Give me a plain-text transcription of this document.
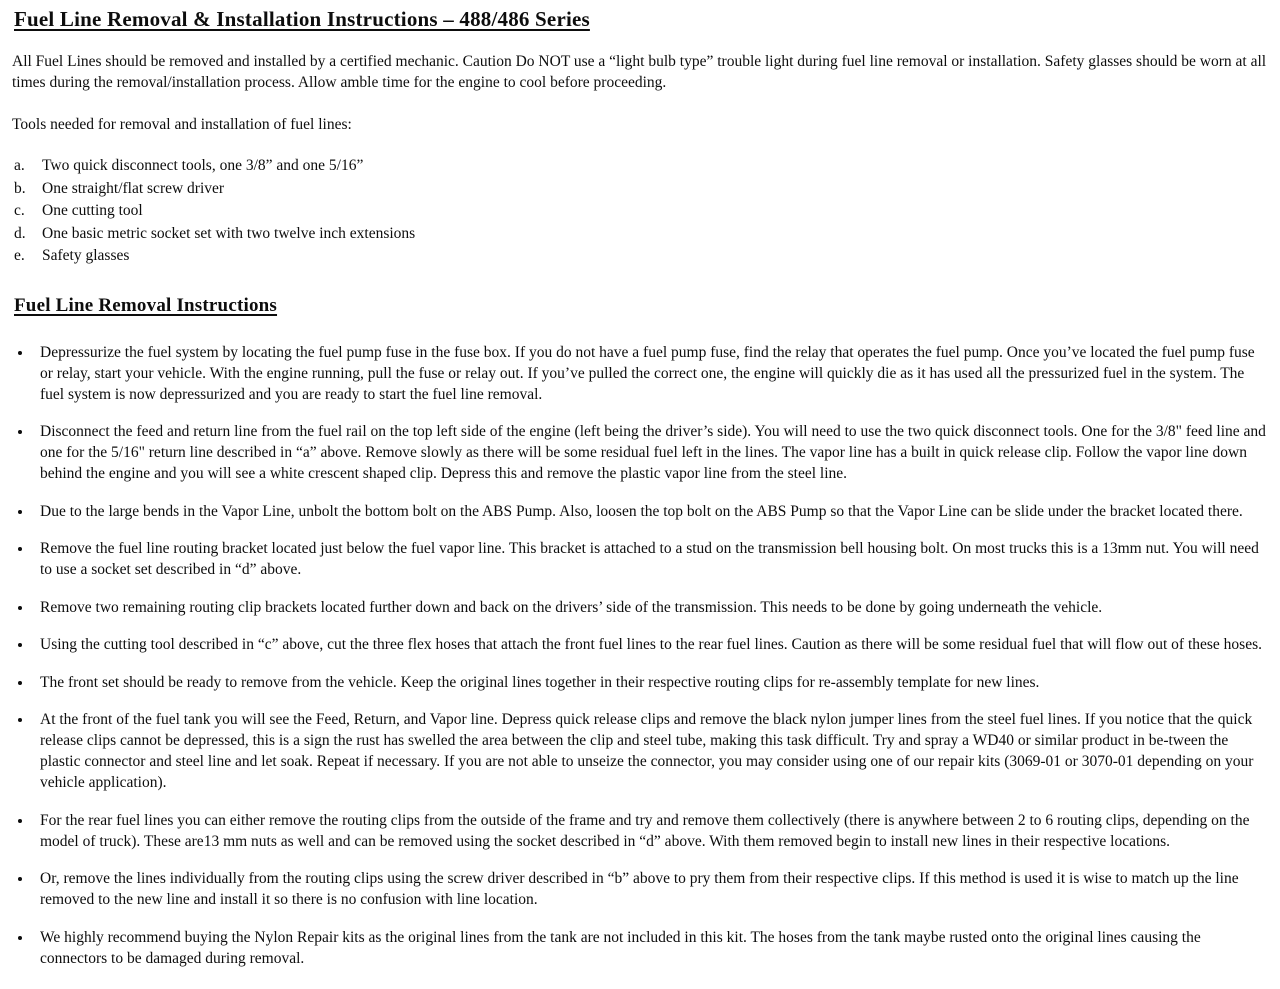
Fuel Line Removal & Installation Instructions – 488/486 Series

All Fuel Lines should be removed and installed by a certified mechanic. Caution Do NOT use a “light bulb type” trouble light during fuel line removal or installation. Safety glasses should be worn at all times during the removal/installation process. Allow amble time for the engine to cool before proceeding.

Tools needed for removal and installation of fuel lines:

a.	Two quick disconnect tools, one 3/8” and one 5/16”
b.	One straight/flat screw driver
c.	One cutting tool
d.	One basic metric socket set with two twelve inch extensions
e.	Safety glasses
Fuel Line Removal Instructions
• Depressurize the fuel system by locating the fuel pump fuse in the fuse box. If you do not have a fuel pump fuse, find the relay that operates the fuel pump. Once you’ve located the fuel pump fuse or relay, start your vehicle. With the engine running, pull the fuse or relay out. If you’ve pulled the correct one, the engine will quickly die as it has used all the pressurized fuel in the system. The fuel system is now depressurized and you are ready to start the fuel line removal.
• Disconnect the feed and return line from the fuel rail on the top left side of the engine (left being the driver’s side). You will need to use the two quick disconnect tools. One for the 3/8" feed line and one for the 5/16" return line described in “a” above. Remove slowly as there will be some residual fuel left in the lines. The vapor line has a built in quick release clip. Follow the vapor line down behind the engine and you will see a white crescent shaped clip. Depress this and remove the plastic vapor line from the steel line.
• Due to the large bends in the Vapor Line, unbolt the bottom bolt on the ABS Pump. Also, loosen the top bolt on the ABS Pump so that the Vapor Line can be slide under the bracket located there.
• Remove the fuel line routing bracket located just below the fuel vapor line. This bracket is attached to a stud on the transmission bell housing bolt. On most trucks this is a 13mm nut. You will need to use a socket set described in “d” above.
• Remove two remaining routing clip brackets located further down and back on the drivers’ side of the transmission. This needs to be done by going underneath the vehicle.
• Using the cutting tool described in “c” above, cut the three flex hoses that attach the front fuel lines to the rear fuel lines. Caution as there will be some residual fuel that will flow out of these hoses.
• The front set should be ready to remove from the vehicle. Keep the original lines together in their respective routing clips for re-assembly template for new lines.
• At the front of the fuel tank you will see the Feed, Return, and Vapor line. Depress quick release clips and remove the black nylon jumper lines from the steel fuel lines. If you notice that the quick release clips cannot be depressed, this is a sign the rust has swelled the area between the clip and steel tube, making this task difficult. Try and spray a WD40 or similar product in be-tween the plastic connector and steel line and let soak. Repeat if necessary. If you are not able to unseize the connector, you may consider using one of our repair kits (3069-01 or 3070-01 depending on your vehicle application).
• For the rear fuel lines you can either remove the routing clips from the outside of the frame and try and remove them collectively (there is anywhere between 2 to 6 routing clips, depending on the model of truck). These are13 mm nuts as well and can be removed using the socket described in “d” above. With them removed begin to install new lines in their respective locations.
• Or, remove the lines individually from the routing clips using the screw driver described in “b” above to pry them from their respective clips. If this method is used it is wise to match up the line removed to the new line and install it so there is no confusion with line location.
• We highly recommend buying the Nylon Repair kits as the original lines from the tank are not included in this kit. The hoses from the tank maybe rusted onto the original lines causing the connectors to be damaged during removal.
